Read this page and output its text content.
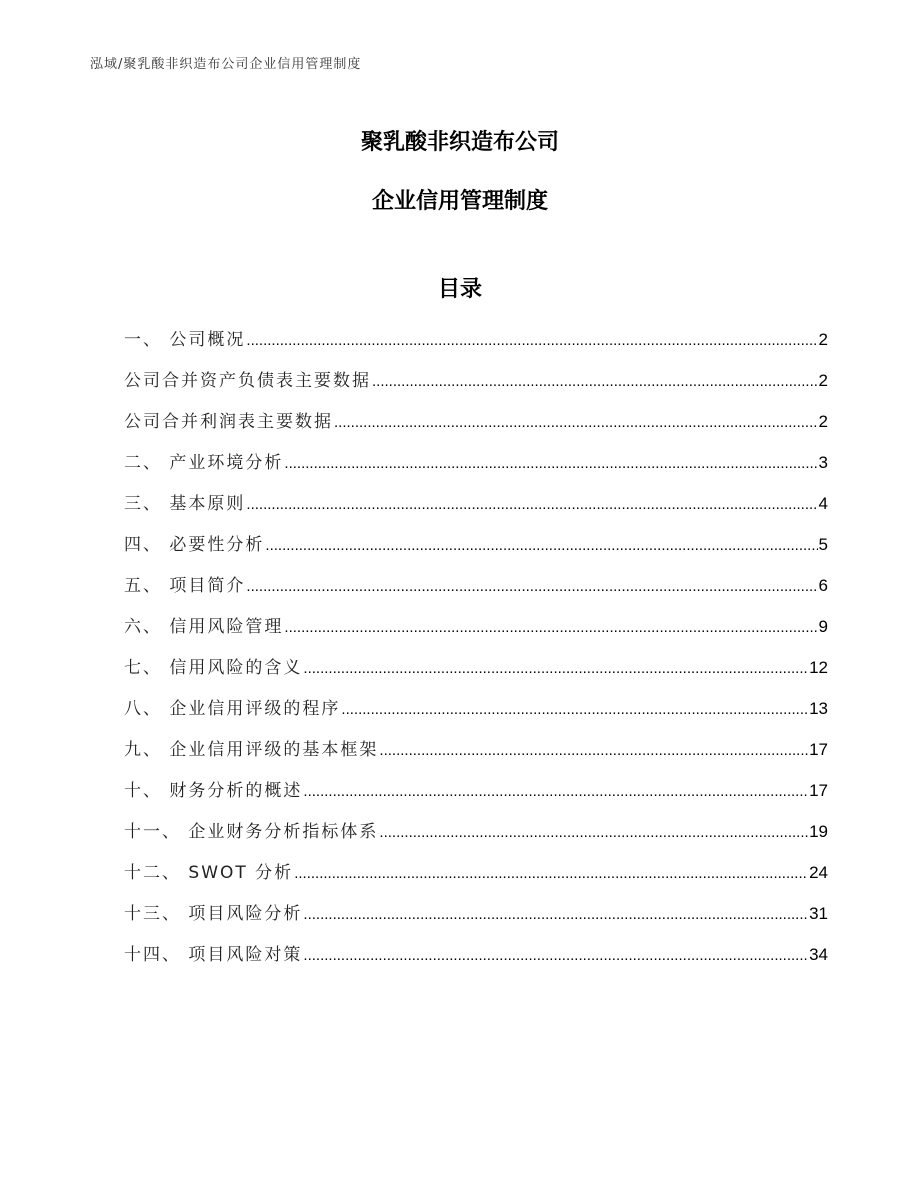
泓域/聚乳酸非织造布公司企业信用管理制度
聚乳酸非织造布公司
企业信用管理制度
目录
一、 公司概况 .....	2
公司合并资产负债表主要数据 .....	2
公司合并利润表主要数据 .....	2
二、 产业环境分析 .....	3
三、 基本原则 .....	4
四、 必要性分析 .....	5
五、 项目简介 .....	6
六、 信用风险管理 .....	9
七、 信用风险的含义 .....	12
八、 企业信用评级的程序 .....	13
九、 企业信用评级的基本框架 .....	17
十、 财务分析的概述 .....	17
十一、 企业财务分析指标体系 .....	19
十二、 SWOT 分析 .....	24
十三、 项目风险分析 .....	31
十四、 项目风险对策 .....	34
